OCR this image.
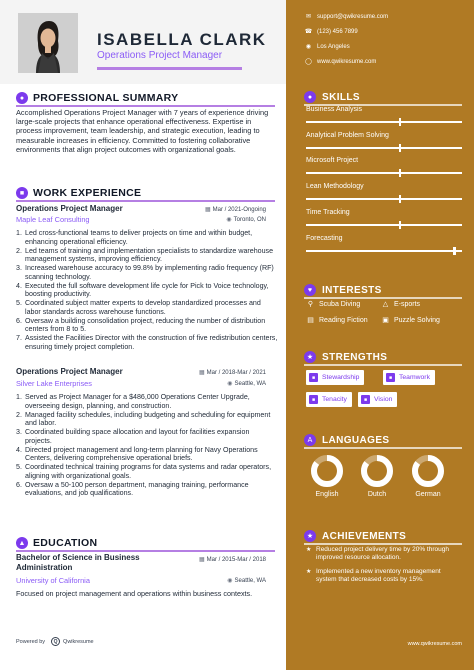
ISABELLA CLARK
Operations Project Manager
● PROFESSIONAL SUMMARY
Accomplished Operations Project Manager with 7 years of experience driving large-scale projects that enhance operational effectiveness. Expertise in process improvement, team leadership, and strategic execution, leading to measurable increases in efficiency. Committed to fostering collaborative environments that align project outcomes with organizational goals.
■ WORK EXPERIENCE
Operations Project Manager
Maple Leaf Consulting
▦ Mar / 2021-Ongoing
◉ Toronto, ON
1. Led cross-functional teams to deliver projects on time and within budget, enhancing operational efficiency.
2. Led teams of training and implementation specialists to standardize warehouse management systems, improving efficiency.
3. Increased warehouse accuracy to 99.8% by implementing radio frequency (RF) scanning technology.
4. Executed the full software development life cycle for Pick to Voice technology, boosting productivity.
5. Coordinated subject matter experts to develop standardized processes and labor standards across warehouse functions.
6. Oversaw a building consolidation project, reducing the number of distribution centers from 8 to 5.
7. Assisted the Facilities Director with the construction of five redistribution centers, ensuring timely project completion.
Operations Project Manager
Silver Lake Enterprises
▦ Mar / 2018-Mar / 2021
◉ Seattle, WA
1. Served as Project Manager for a $486,000 Operations Center Upgrade, overseeing design, planning, and construction.
2. Managed facility schedules, including budgeting and scheduling for equipment and labor.
3. Coordinated building space allocation and layout for facilities expansion projects.
4. Directed project management and long-term planning for Navy Operations Centers, delivering comprehensive operational briefs.
5. Coordinated technical training programs for data systems and radar operators, aligning with organizational goals.
6. Oversaw a 50-100 person department, managing training, performance evaluations, and job qualifications.
▲ EDUCATION
Bachelor of Science in Business Administration
University of California
▦ Mar / 2015-Mar / 2018
◉ Seattle, WA
Focused on project management and operations within business contexts.
Powered by	Q	Qwikresume
✉ support@qwikresume.com
☎ (123) 456 7899
◉ Los Angeles
◯ www.qwikresume.com
● SKILLS
Business Analysis
Analytical Problem Solving
Microsoft Project
Lean Methodology
Time Tracking
Forecasting
♥ INTERESTS
⚲ Scuba Diving	△ E-sports
▤ Reading Fiction ▣ Puzzle Solving
★ STRENGTHS
■	Stewardship	■	Teamwork
■	Tenacity	■	Vision
A LANGUAGES
English	Dutch	German
★ ACHIEVEMENTS
★ Reduced project delivery time by 20% through improved resource allocation.
★ Implemented a new inventory management system that decreased costs by 15%.
www.qwikresume.com
